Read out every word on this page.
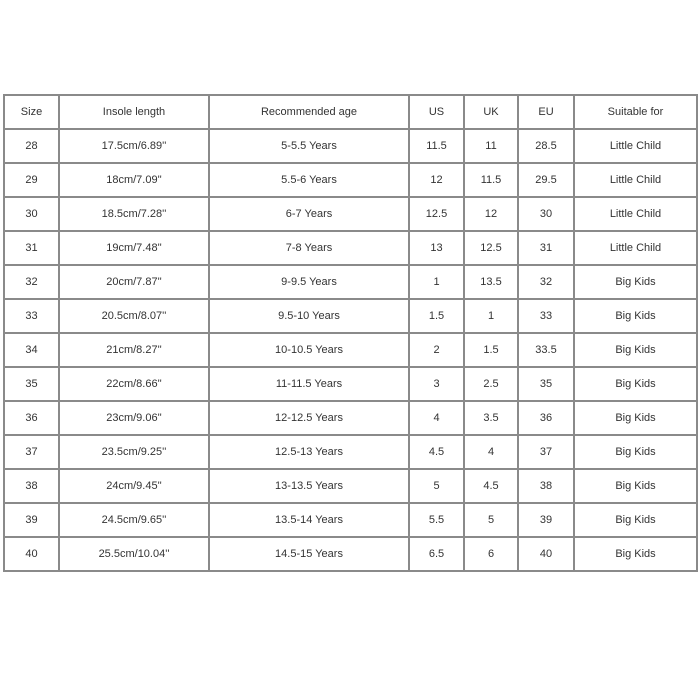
Size	Insole length	Recommended age	US	UK	EU	Suitable for
28	17.5cm/6.89''	5-5.5 Years	11.5	11	28.5	Little Child
29	18cm/7.09''	5.5-6 Years	12	11.5	29.5	Little Child
30	18.5cm/7.28''	6-7 Years	12.5	12	30	Little Child
31	19cm/7.48''	7-8 Years	13	12.5	31	Little Child
32	20cm/7.87''	9-9.5 Years	1	13.5	32	Big Kids
33	20.5cm/8.07''	9.5-10 Years	1.5	1	33	Big Kids
34	21cm/8.27''	10-10.5 Years	2	1.5	33.5	Big Kids
35	22cm/8.66''	11-11.5 Years	3	2.5	35	Big Kids
36	23cm/9.06''	12-12.5 Years	4	3.5	36	Big Kids
37	23.5cm/9.25''	12.5-13 Years	4.5	4	37	Big Kids
38	24cm/9.45''	13-13.5 Years	5	4.5	38	Big Kids
39	24.5cm/9.65''	13.5-14 Years	5.5	5	39	Big Kids
40	25.5cm/10.04''	14.5-15 Years	6.5	6	40	Big Kids
